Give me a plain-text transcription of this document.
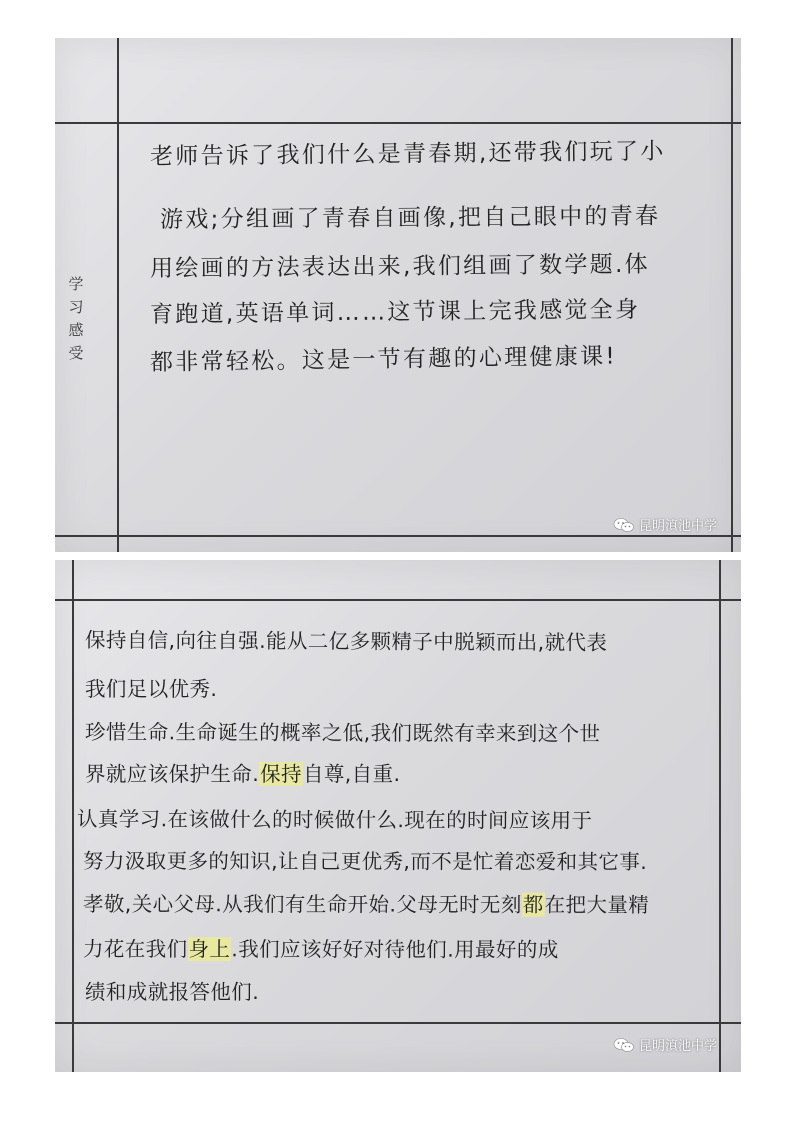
学
习
感
受
老师告诉了我们什么是青春期,还带我们玩了小
游戏;分组画了青春自画像,把自己眼中的青春
用绘画的方法表达出来,我们组画了数学题.体
育跑道,英语单词……这节课上完我感觉全身
都非常轻松。这是一节有趣的心理健康课!
昆明滇池中学
保持自信,向往自强.能从二亿多颗精子中脱颖而出,就代表
我们足以优秀.
珍惜生命.生命诞生的概率之低,我们既然有幸来到这个世
界就应该保护生命.保持自尊,自重.
认真学习.在该做什么的时候做什么.现在的时间应该用于
努力汲取更多的知识,让自己更优秀,而不是忙着恋爱和其它事.
孝敬,关心父母.从我们有生命开始.父母无时无刻都在把大量精
力花在我们身上.我们应该好好对待他们.用最好的成
绩和成就报答他们.
昆明滇池中学
